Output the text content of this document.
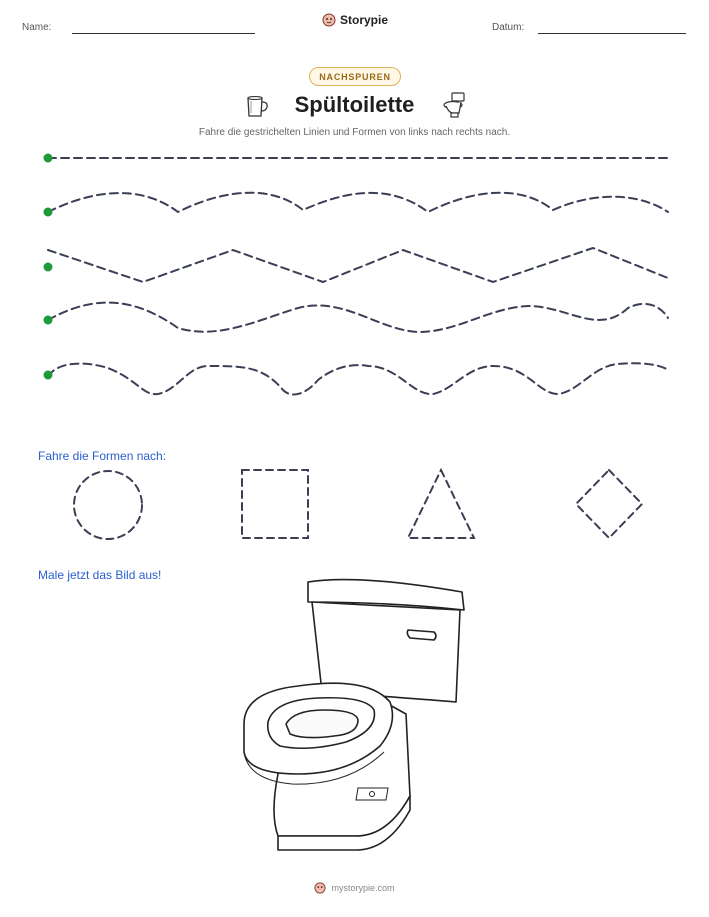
Name:
Storypie
Datum:
NACHSPUREN
Spültoilette
Fahre die gestrichelten Linien und Formen von links nach rechts nach.
Fahre die Formen nach:
Male jetzt das Bild aus!
mystorypie.com
